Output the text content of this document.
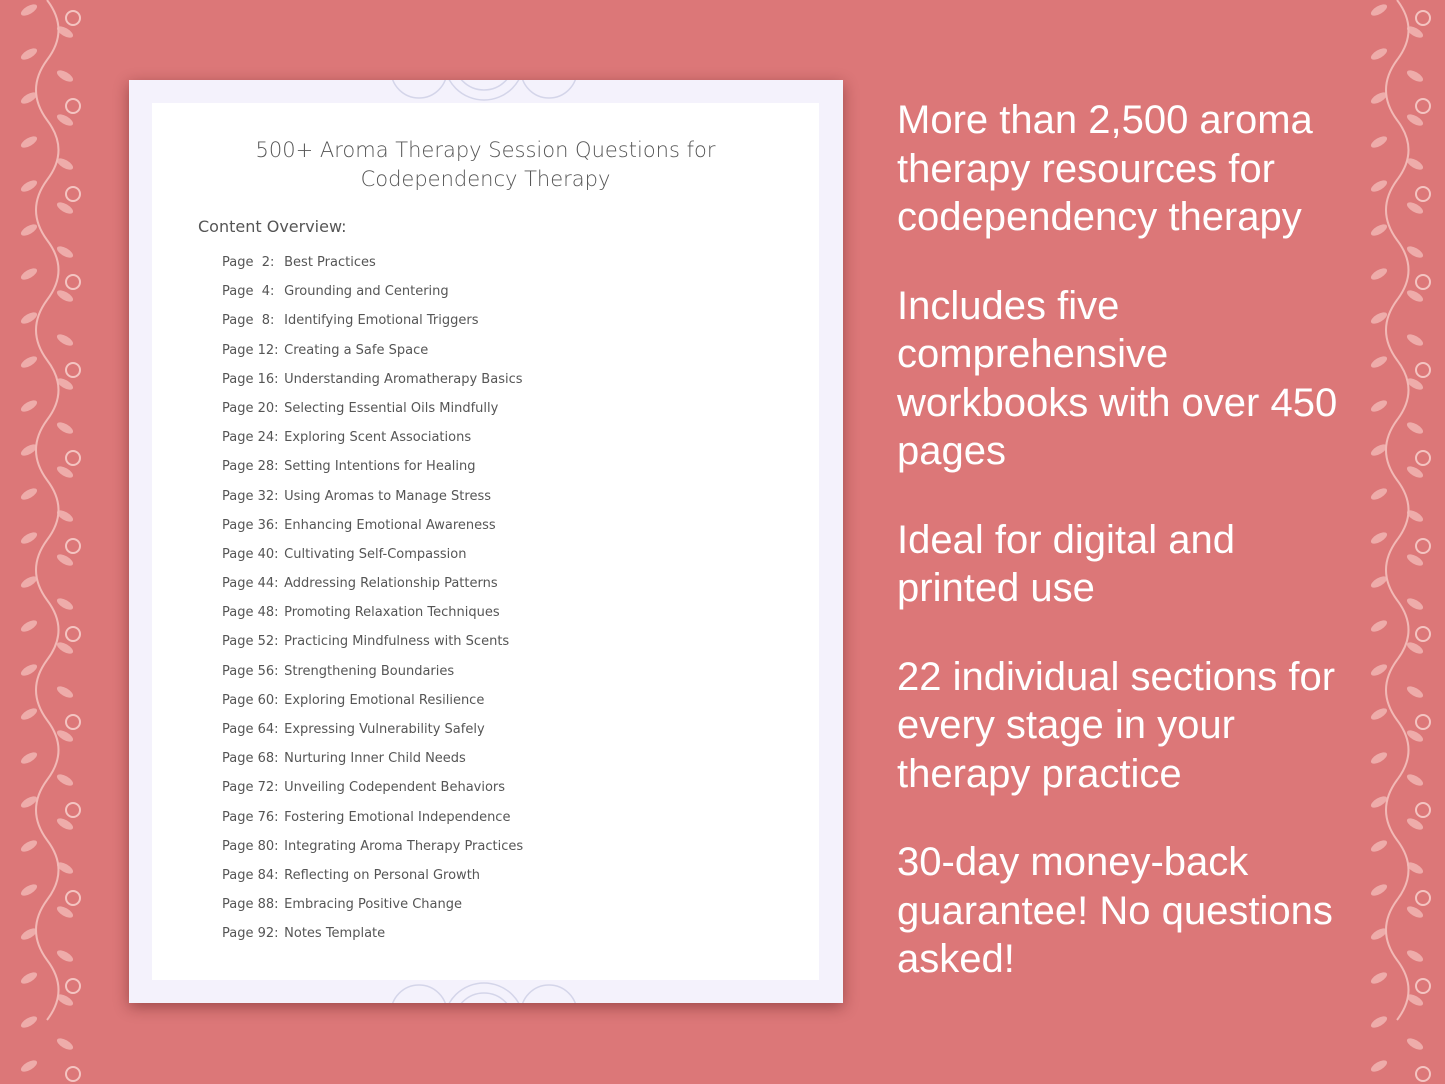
500+ Aroma Therapy Session Questions for
Codependency Therapy
Content Overview:
Page  2: Best Practices
Page  4: Grounding and Centering
Page  8: Identifying Emotional Triggers
Page 12: Creating a Safe Space
Page 16: Understanding Aromatherapy Basics
Page 20: Selecting Essential Oils Mindfully
Page 24: Exploring Scent Associations
Page 28: Setting Intentions for Healing
Page 32: Using Aromas to Manage Stress
Page 36: Enhancing Emotional Awareness
Page 40: Cultivating Self-Compassion
Page 44: Addressing Relationship Patterns
Page 48: Promoting Relaxation Techniques
Page 52: Practicing Mindfulness with Scents
Page 56: Strengthening Boundaries
Page 60: Exploring Emotional Resilience
Page 64: Expressing Vulnerability Safely
Page 68: Nurturing Inner Child Needs
Page 72: Unveiling Codependent Behaviors
Page 76: Fostering Emotional Independence
Page 80: Integrating Aroma Therapy Practices
Page 84: Reflecting on Personal Growth
Page 88: Embracing Positive Change
Page 92: Notes Template

More than 2,500 aroma therapy resources for codependency therapy

Includes five comprehensive workbooks with over 450 pages

Ideal for digital and printed use

22 individual sections for every stage in your therapy practice

30-day money-back guarantee! No questions asked!
